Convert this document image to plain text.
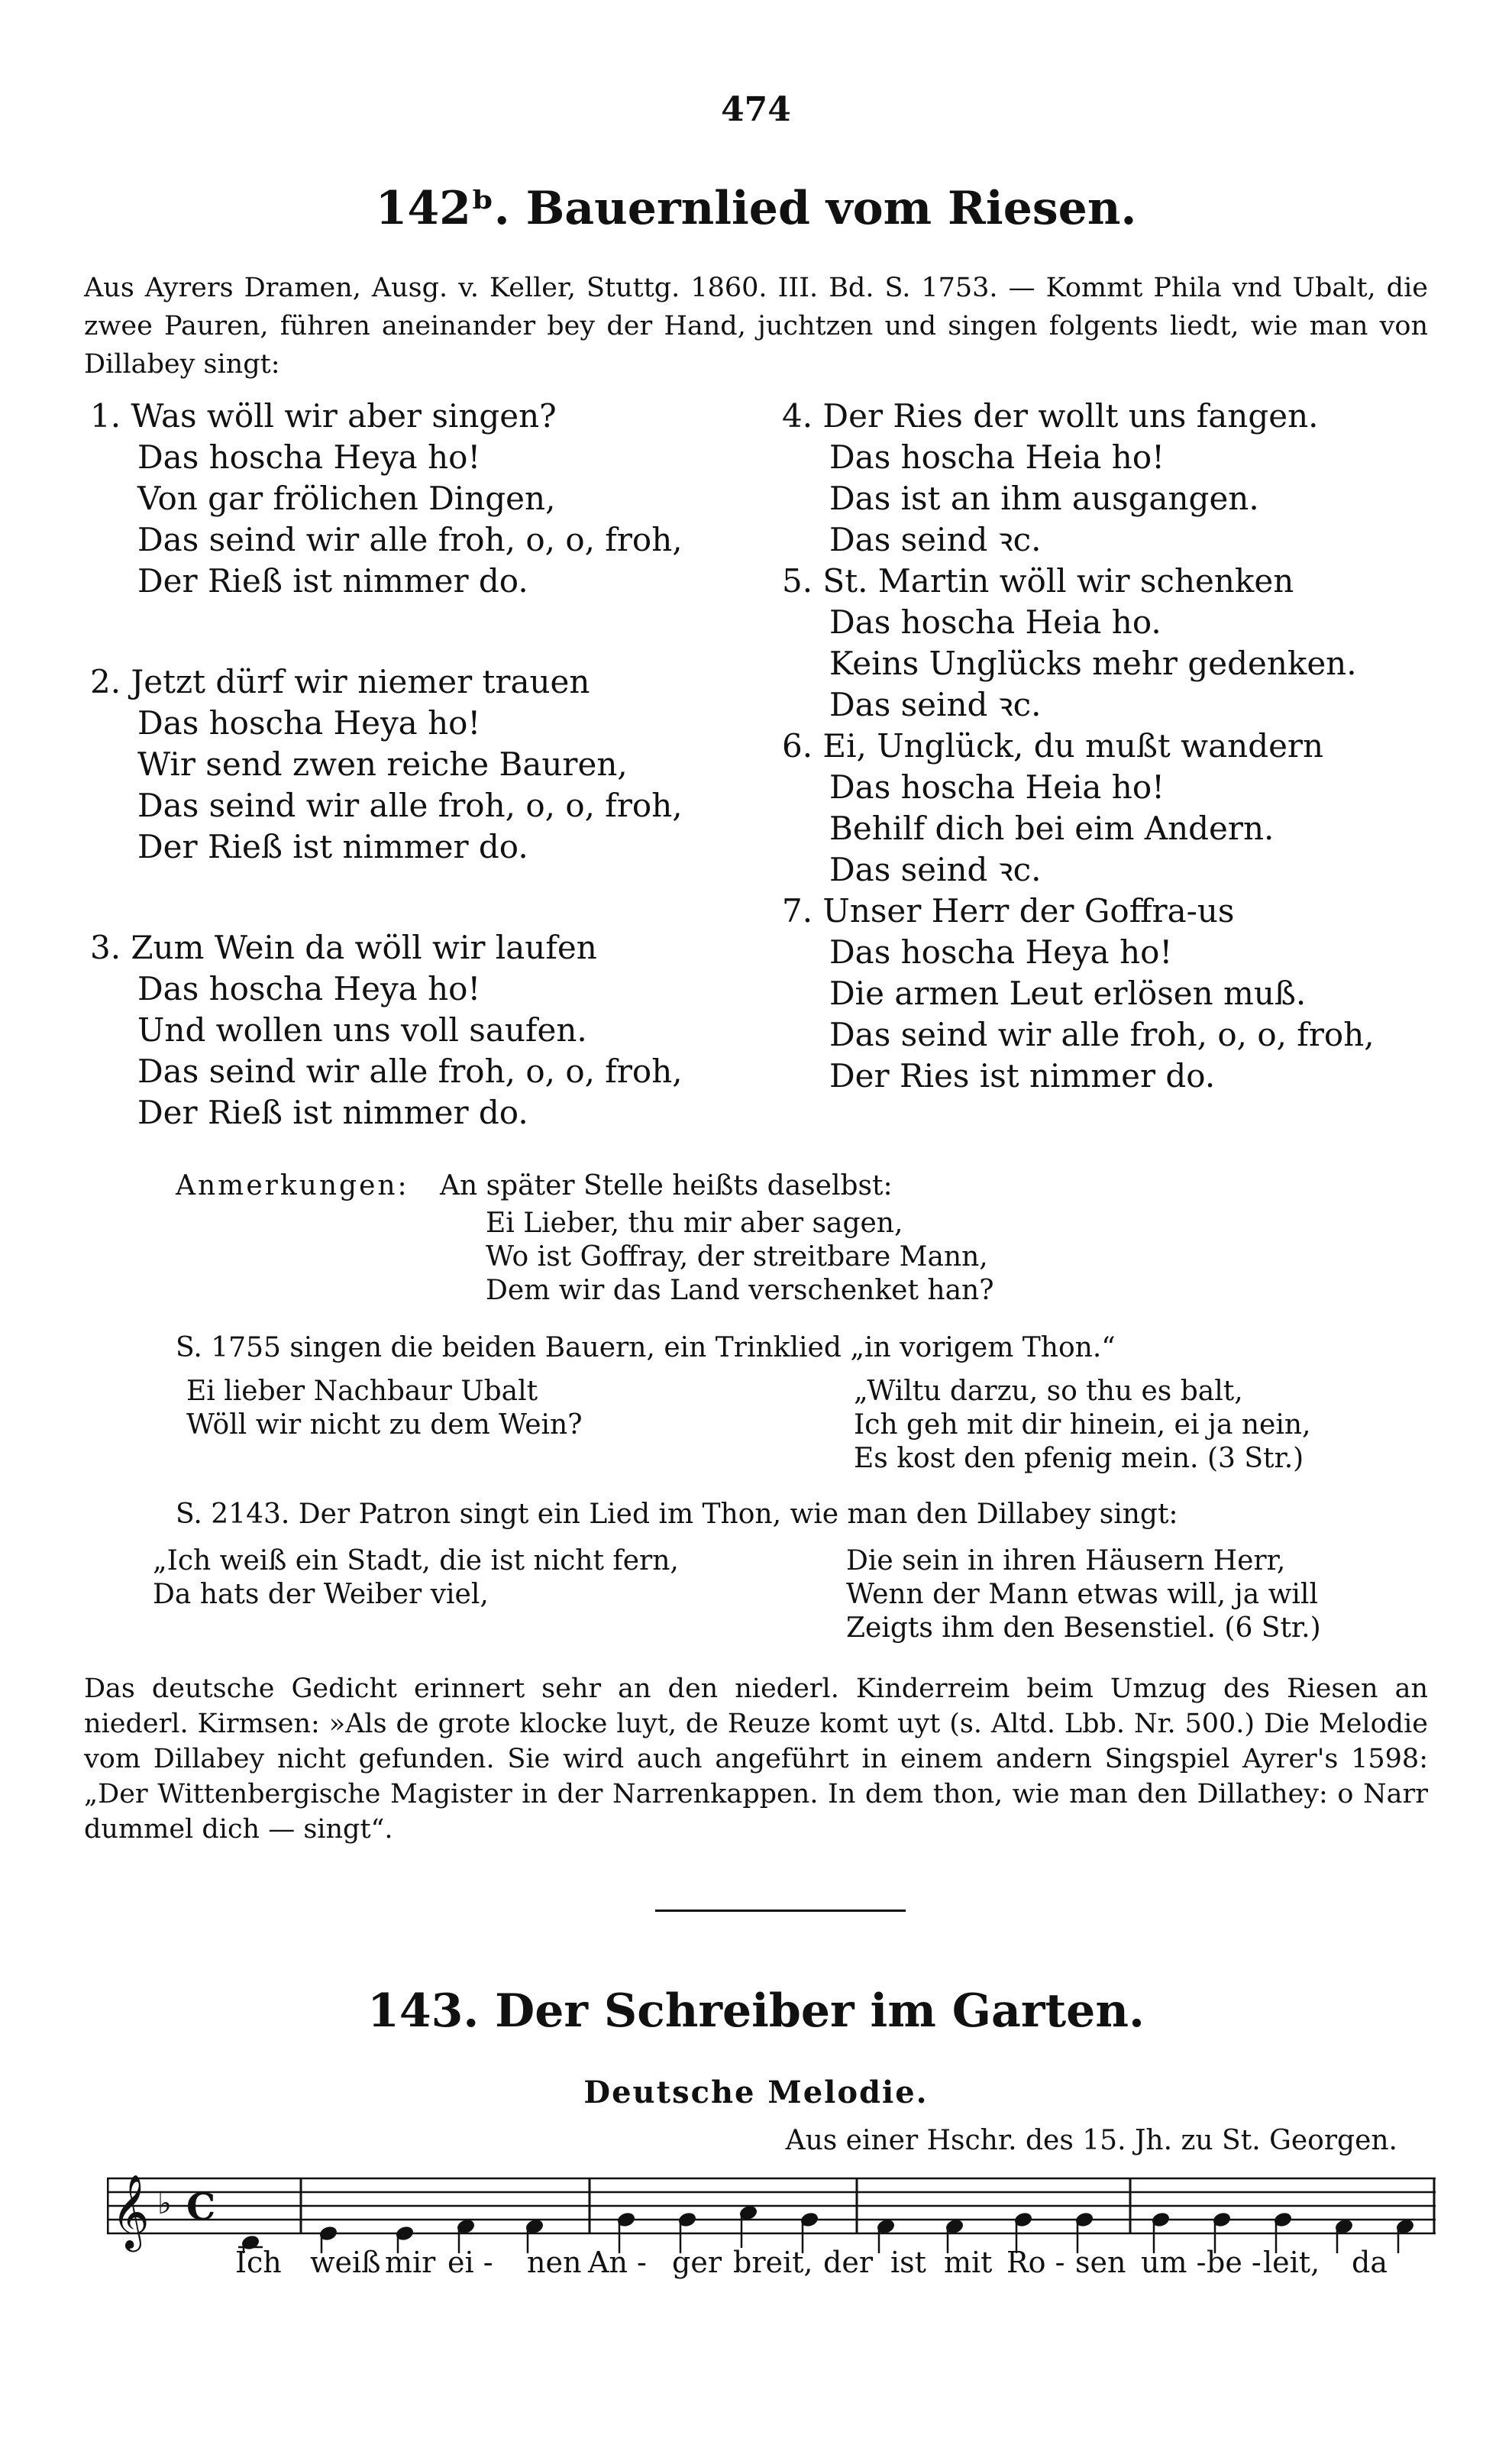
474
142ᵇ. Bauernlied vom Riesen.
Aus Ayrers Dramen, Ausg. v. Keller, Stuttg. 1860. III. Bd. S. 1753. — Kommt Phila vnd Ubalt, die zwee Pauren, führen aneinander bey der Hand, juchtzen und singen folgents liedt, wie man von Dillabey singt:
1. Was wöll wir aber singen?
Das hoscha Heya ho!
Von gar frölichen Dingen,
Das seind wir alle froh, o, o, froh,
Der Rieß ist nimmer do.
2. Jetzt dürf wir niemer trauen
Das hoscha Heya ho!
Wir send zwen reiche Bauren,
Das seind wir alle froh, o, o, froh,
Der Rieß ist nimmer do.
3. Zum Wein da wöll wir laufen
Das hoscha Heya ho!
Und wollen uns voll saufen.
Das seind wir alle froh, o, o, froh,
Der Rieß ist nimmer do.
4. Der Ries der wollt uns fangen.
Das hoscha Heia ho!
Das ist an ihm ausgangen.
Das seind ꝛc.
5. St. Martin wöll wir schenken
Das hoscha Heia ho.
Keins Unglücks mehr gedenken.
Das seind ꝛc.
6. Ei, Unglück, du mußt wandern
Das hoscha Heia ho!
Behilf dich bei eim Andern.
Das seind ꝛc.
7. Unser Herr der Goffra-us
Das hoscha Heya ho!
Die armen Leut erlösen muß.
Das seind wir alle froh, o, o, froh,
Der Ries ist nimmer do.
Anmerkungen: An später Stelle heißts daselbst:
Ei Lieber, thu mir aber sagen,
Wo ist Goffray, der streitbare Mann,
Dem wir das Land verschenket han?
S. 1755 singen die beiden Bauern, ein Trinklied „in vorigem Thon.“
Ei lieber Nachbaur Ubalt
Wöll wir nicht zu dem Wein?
„Wiltu darzu, so thu es balt,
Ich geh mit dir hinein, ei ja nein,
Es kost den pfenig mein. (3 Str.)
S. 2143. Der Patron singt ein Lied im Thon, wie man den Dillabey singt:
„Ich weiß ein Stadt, die ist nicht fern,
Da hats der Weiber viel,
Die sein in ihren Häusern Herr,
Wenn der Mann etwas will, ja will
Zeigts ihm den Besenstiel. (6 Str.)
Das deutsche Gedicht erinnert sehr an den niederl. Kinderreim beim Umzug des Riesen an niederl. Kirmsen: »Als de grote klocke luyt, de Reuze komt uyt (s. Altd. Lbb. Nr. 500.) Die Melodie vom Dillabey nicht gefunden. Sie wird auch angeführt in einem andern Singspiel Ayrer's 1598: „Der Wittenbergische Magister in der Narrenkappen. In dem thon, wie man den Dillathey: o Narr dummel dich — singt“.
143. Der Schreiber im Garten.
Deutsche Melodie.
Aus einer Hschr. des 15. Jh. zu St. Georgen.
𝄞 ♭ C
Ich weiß mir ei - nen An - ger breit, der ist mit Ro - sen um - be - leit, da
